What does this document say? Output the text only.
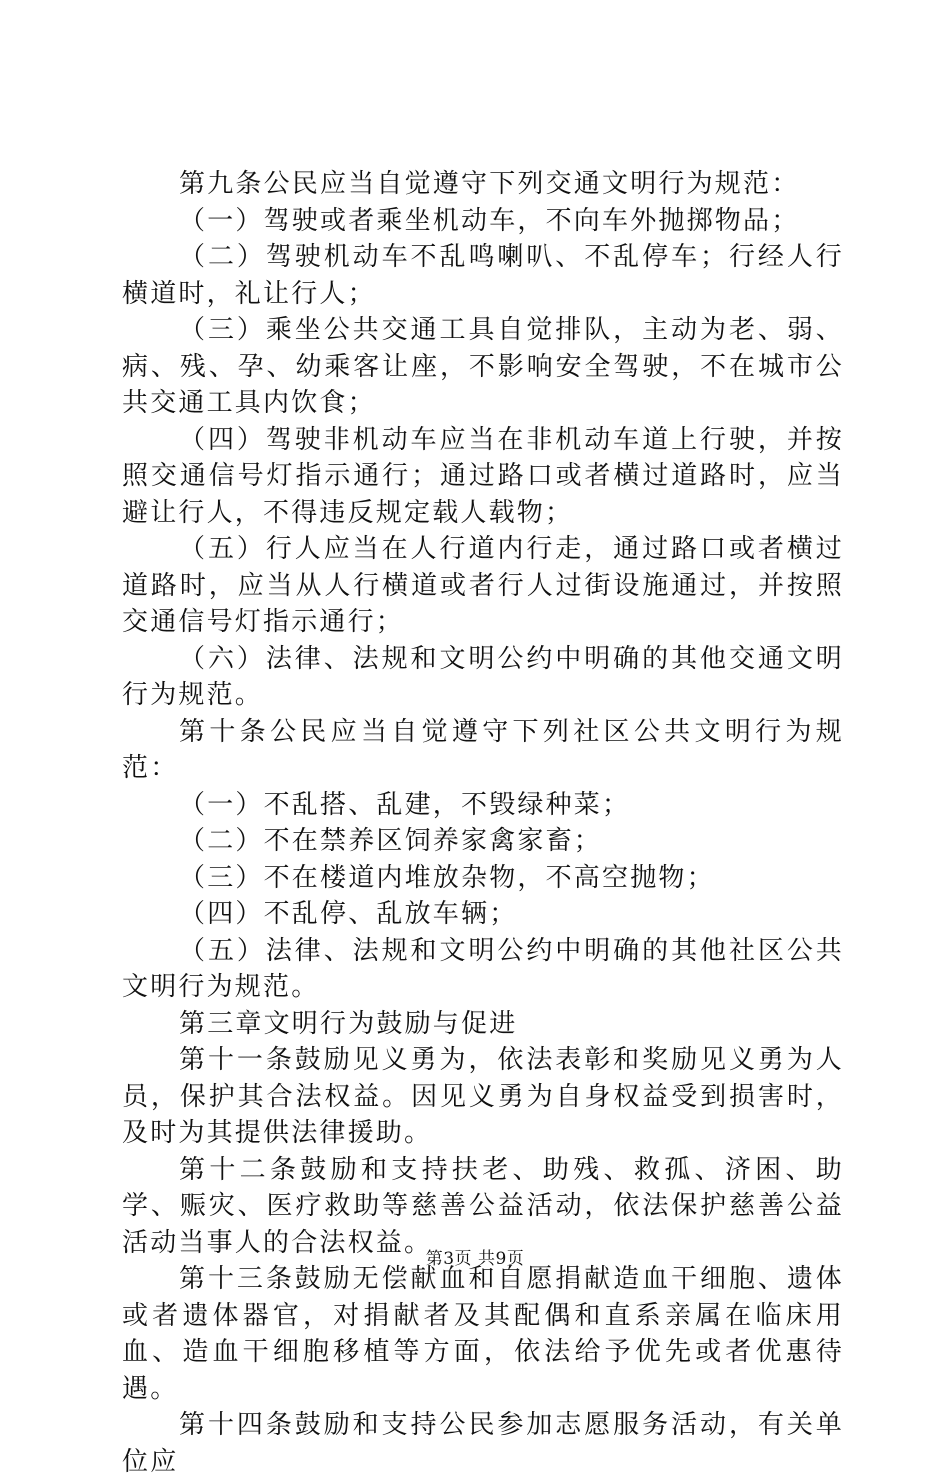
第九条公民应当自觉遵守下列交通文明行为规范：

（一）驾驶或者乘坐机动车，不向车外抛掷物品；

（二）驾驶机动车不乱鸣喇叭、不乱停车；行经人行横道时，礼让行人；

（三）乘坐公共交通工具自觉排队，主动为老、弱、病、残、孕、幼乘客让座，不影响安全驾驶，不在城市公共交通工具内饮食；

（四）驾驶非机动车应当在非机动车道上行驶，并按照交通信号灯指示通行；通过路口或者横过道路时，应当避让行人，不得违反规定载人载物；

（五）行人应当在人行道内行走，通过路口或者横过道路时，应当从人行横道或者行人过街设施通过，并按照交通信号灯指示通行；

（六）法律、法规和文明公约中明确的其他交通文明行为规范。

第十条公民应当自觉遵守下列社区公共文明行为规范：

（一）不乱搭、乱建，不毁绿种菜；

（二）不在禁养区饲养家禽家畜；

（三）不在楼道内堆放杂物，不高空抛物；

（四）不乱停、乱放车辆；

（五）法律、法规和文明公约中明确的其他社区公共文明行为规范。

第三章文明行为鼓励与促进

第十一条鼓励见义勇为，依法表彰和奖励见义勇为人员，保护其合法权益。因见义勇为自身权益受到损害时，及时为其提供法律援助。

第十二条鼓励和支持扶老、助残、救孤、济困、助学、赈灾、医疗救助等慈善公益活动，依法保护慈善公益活动当事人的合法权益。

第十三条鼓励无偿献血和自愿捐献造血干细胞、遗体或者遗体器官，对捐献者及其配偶和直系亲属在临床用血、造血干细胞移植等方面，依法给予优先或者优惠待遇。

第十四条鼓励和支持公民参加志愿服务活动，有关单位应

第3页 共9页
